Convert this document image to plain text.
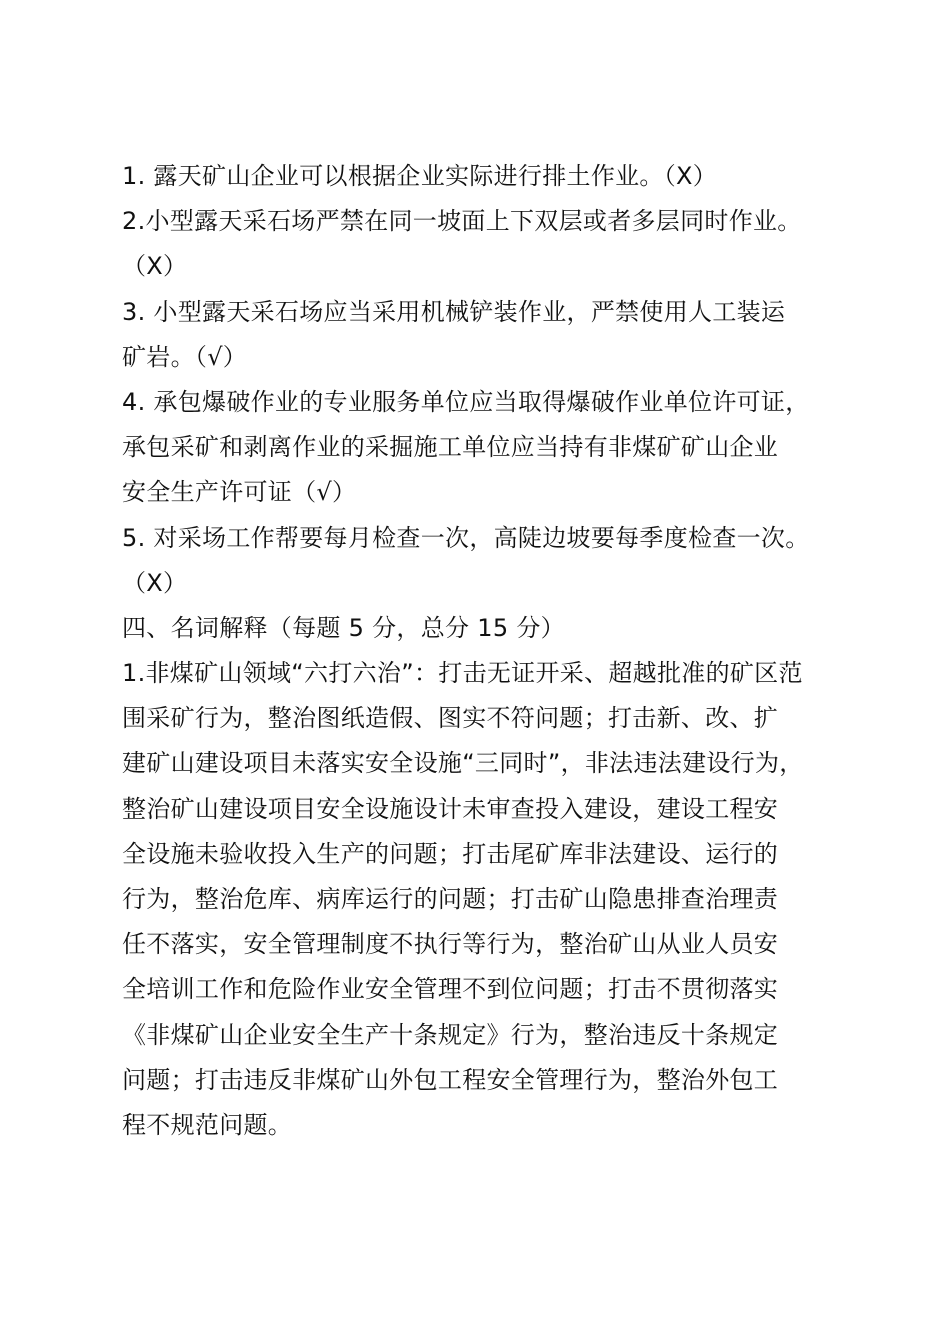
1. 露天矿山企业可以根据企业实际进行排土作业。（X）
2.小型露天采石场严禁在同一坡面上下双层或者多层同时作业。
（X）
3. 小型露天采石场应当采用机械铲装作业，严禁使用人工装运
矿岩。（√）
4. 承包爆破作业的专业服务单位应当取得爆破作业单位许可证，
承包采矿和剥离作业的采掘施工单位应当持有非煤矿矿山企业
安全生产许可证（√）
5. 对采场工作帮要每月检查一次，高陡边坡要每季度检查一次。
（X）
四、名词解释（每题 5 分，总分 15 分）
1.非煤矿山领域“六打六治”：打击无证开采、超越批准的矿区范
围采矿行为，整治图纸造假、图实不符问题；打击新、改、扩
建矿山建设项目未落实安全设施“三同时”，非法违法建设行为，
整治矿山建设项目安全设施设计未审查投入建设，建设工程安
全设施未验收投入生产的问题；打击尾矿库非法建设、运行的
行为，整治危库、病库运行的问题；打击矿山隐患排查治理责
任不落实，安全管理制度不执行等行为，整治矿山从业人员安
全培训工作和危险作业安全管理不到位问题；打击不贯彻落实
《非煤矿山企业安全生产十条规定》行为，整治违反十条规定
问题；打击违反非煤矿山外包工程安全管理行为，整治外包工
程不规范问题。
